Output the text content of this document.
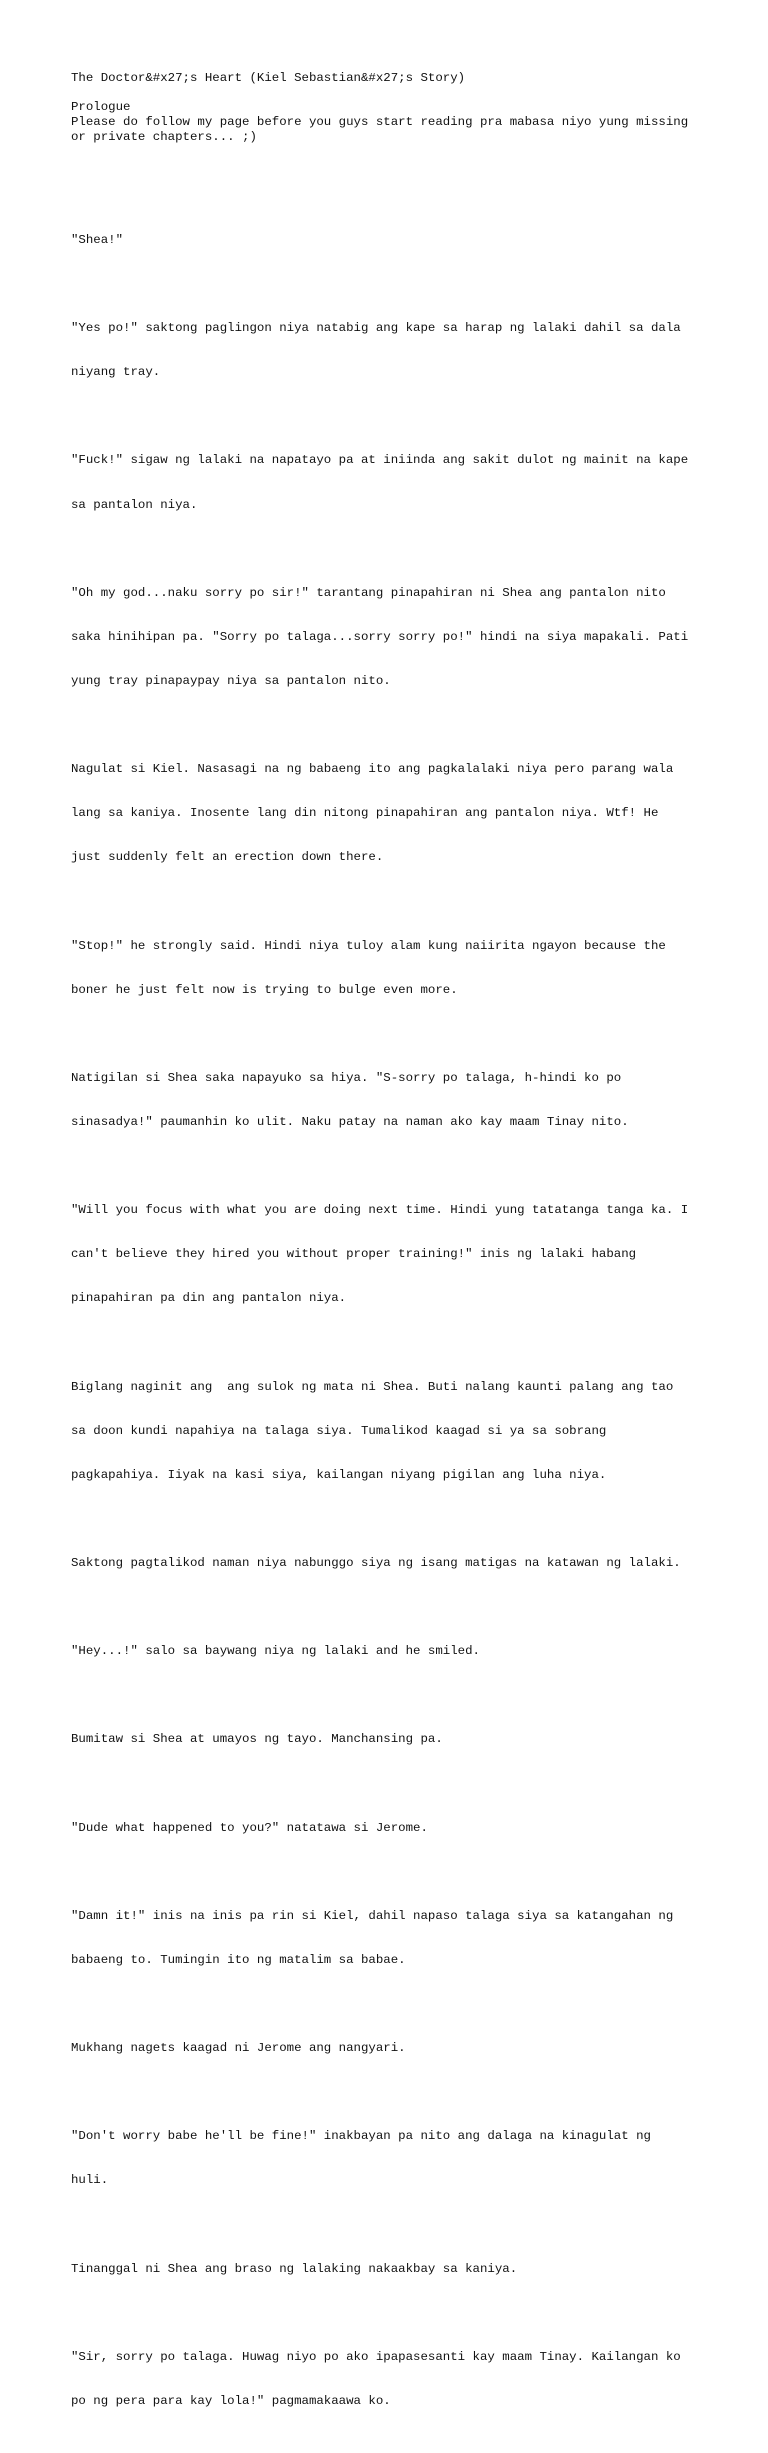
The Doctor&#x27;s Heart (Kiel Sebastian&#x27;s Story)
Prologue
Please do follow my page before you guys start reading pra mabasa niyo yung missing
or private chapters... ;)

"Shea!"

"Yes po!" saktong paglingon niya natabig ang kape sa harap ng lalaki dahil sa dala

niyang tray.

"Fuck!" sigaw ng lalaki na napatayo pa at iniinda ang sakit dulot ng mainit na kape

sa pantalon niya.

"Oh my god...naku sorry po sir!" tarantang pinapahiran ni Shea ang pantalon nito

saka hinihipan pa. "Sorry po talaga...sorry sorry po!" hindi na siya mapakali. Pati

yung tray pinapaypay niya sa pantalon nito.

Nagulat si Kiel. Nasasagi na ng babaeng ito ang pagkalalaki niya pero parang wala

lang sa kaniya. Inosente lang din nitong pinapahiran ang pantalon niya. Wtf! He

just suddenly felt an erection down there.

"Stop!" he strongly said. Hindi niya tuloy alam kung naiirita ngayon because the

boner he just felt now is trying to bulge even more.

Natigilan si Shea saka napayuko sa hiya. "S-sorry po talaga, h-hindi ko po

sinasadya!" paumanhin ko ulit. Naku patay na naman ako kay maam Tinay nito.

"Will you focus with what you are doing next time. Hindi yung tatatanga tanga ka. I

can't believe they hired you without proper training!" inis ng lalaki habang

pinapahiran pa din ang pantalon niya.

Biglang naginit ang  ang sulok ng mata ni Shea. Buti nalang kaunti palang ang tao

sa doon kundi napahiya na talaga siya. Tumalikod kaagad si ya sa sobrang

pagkapahiya. Iiyak na kasi siya, kailangan niyang pigilan ang luha niya.

Saktong pagtalikod naman niya nabunggo siya ng isang matigas na katawan ng lalaki.

"Hey...!" salo sa baywang niya ng lalaki and he smiled.

Bumitaw si Shea at umayos ng tayo. Manchansing pa.

"Dude what happened to you?" natatawa si Jerome.

"Damn it!" inis na inis pa rin si Kiel, dahil napaso talaga siya sa katangahan ng

babaeng to. Tumingin ito ng matalim sa babae.

Mukhang nagets kaagad ni Jerome ang nangyari.

"Don't worry babe he'll be fine!" inakbayan pa nito ang dalaga na kinagulat ng

huli.

Tinanggal ni Shea ang braso ng lalaking nakaakbay sa kaniya.

"Sir, sorry po talaga. Huwag niyo po ako ipapasesanti kay maam Tinay. Kailangan ko

po ng pera para kay lola!" pagmamakaawa ko.
